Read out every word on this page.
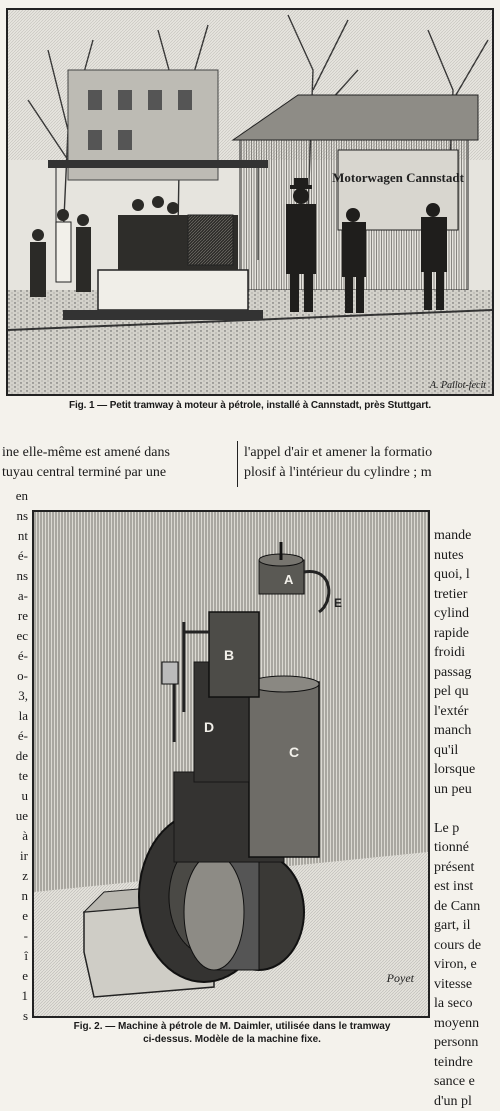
Motorwagen Cannstadt
A. Pallot-fecit
Fig. 1 — Petit tramway à moteur à pétrole, installé à Cannstadt, près Stuttgart.
ine elle-même est amené dans	l'appel d'air et amener la formatio
tuyau central terminé par une	plosif à l'intérieur du cylindre ; m
en
ns
nt
é-
ns
a-
re
ec
é-
o-
3,
la
é-
de
te
u
ue
à
ir
z
n
e
-
î
e
1
s
C
D
B
A
E
Poyet
Fig. 2. — Machine à pétrole de M. Daimler, utilisée dans le tramway
ci-dessus. Modèle de la machine fixe.
mande
nutes
quoi, l
tretier
cylind
rapide
froidi
passag
pel qu
l'extér
manch
qu'il
lorsque
un peu
Le p
tionné
présent
est inst
de Cann
gart, il
cours de
viron, e
vitesse
la seco
moyenn
personn
teindre
sance e
d'un pl
